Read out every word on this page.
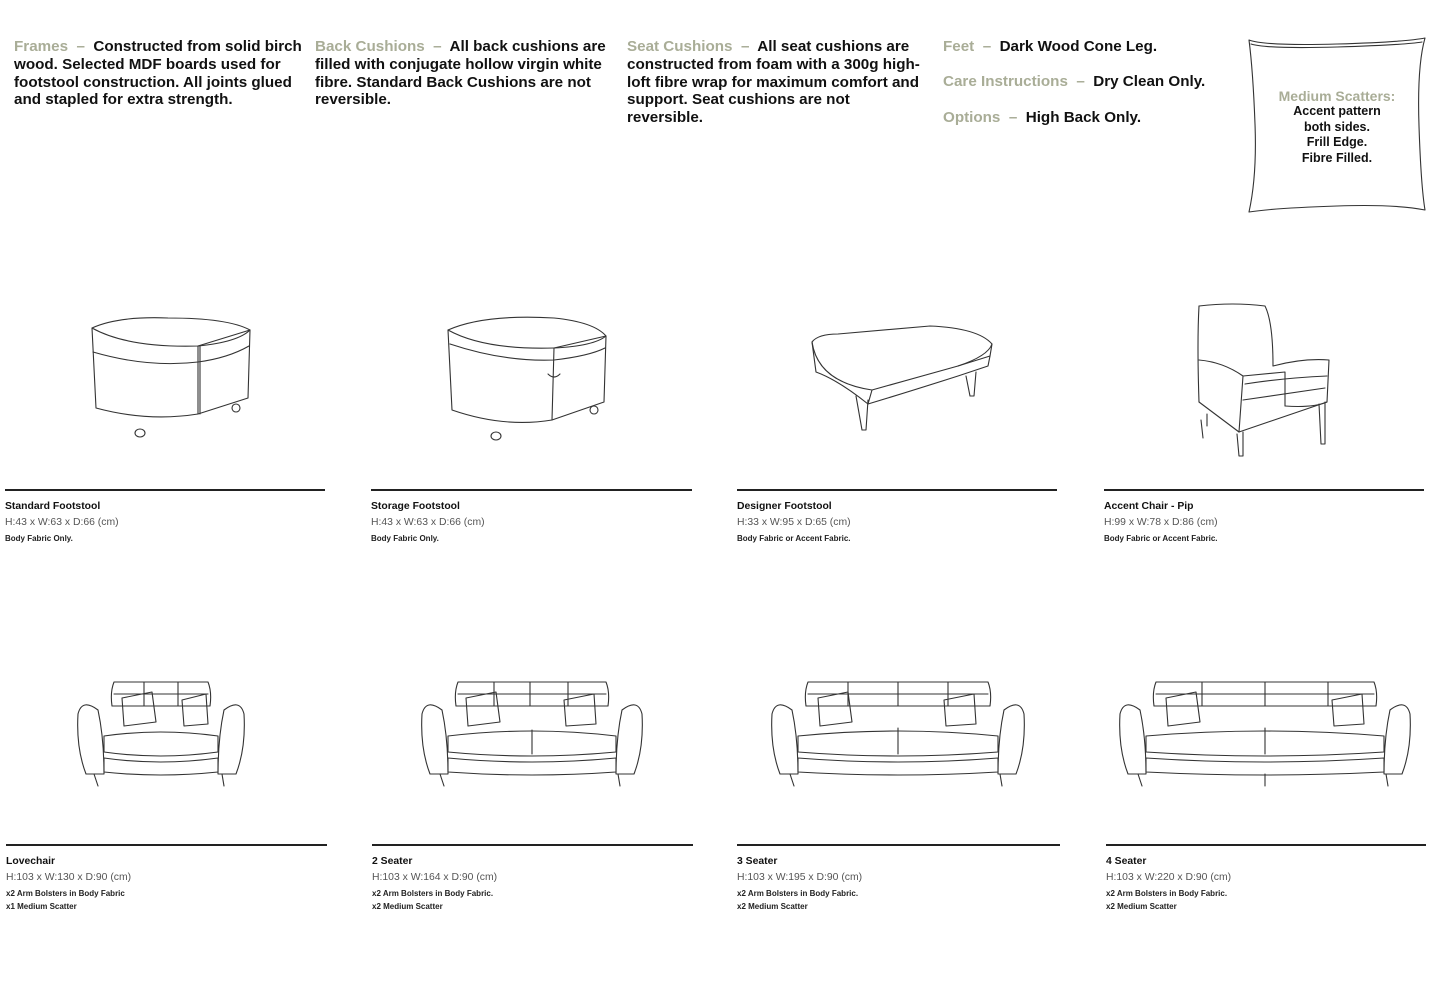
Frames – Constructed from solid birch wood. Selected MDF boards used for footstool construction. All joints glued and stapled for extra strength.

Back Cushions – All back cushions are filled with conjugate hollow virgin white fibre. Standard Back Cushions are not reversible.

Seat Cushions – All seat cushions are constructed from foam with a 300g high-loft fibre wrap for maximum comfort and support. Seat cushions are not reversible.

Feet – Dark Wood Cone Leg.

Care Instructions – Dry Clean Only.

Options – High Back Only.

Medium Scatters:
Accent pattern
both sides.
Frill Edge.
Fibre Filled.
Standard Footstool
H:43 x W:63 x D:66 (cm)
Body Fabric Only.
Storage Footstool
H:43 x W:63 x D:66 (cm)
Body Fabric Only.
Designer Footstool
H:33 x W:95 x D:65 (cm)
Body Fabric or Accent Fabric.
Accent Chair - Pip
H:99 x W:78 x D:86 (cm)
Body Fabric or Accent Fabric.
Lovechair
H:103 x W:130 x D:90 (cm)
x2 Arm Bolsters in Body Fabric
x1 Medium Scatter
2 Seater
H:103 x W:164 x D:90 (cm)
x2 Arm Bolsters in Body Fabric.
x2 Medium Scatter
3 Seater
H:103 x W:195 x D:90 (cm)
x2 Arm Bolsters in Body Fabric.
x2 Medium Scatter
4 Seater
H:103 x W:220 x D:90 (cm)
x2 Arm Bolsters in Body Fabric.
x2 Medium Scatter
